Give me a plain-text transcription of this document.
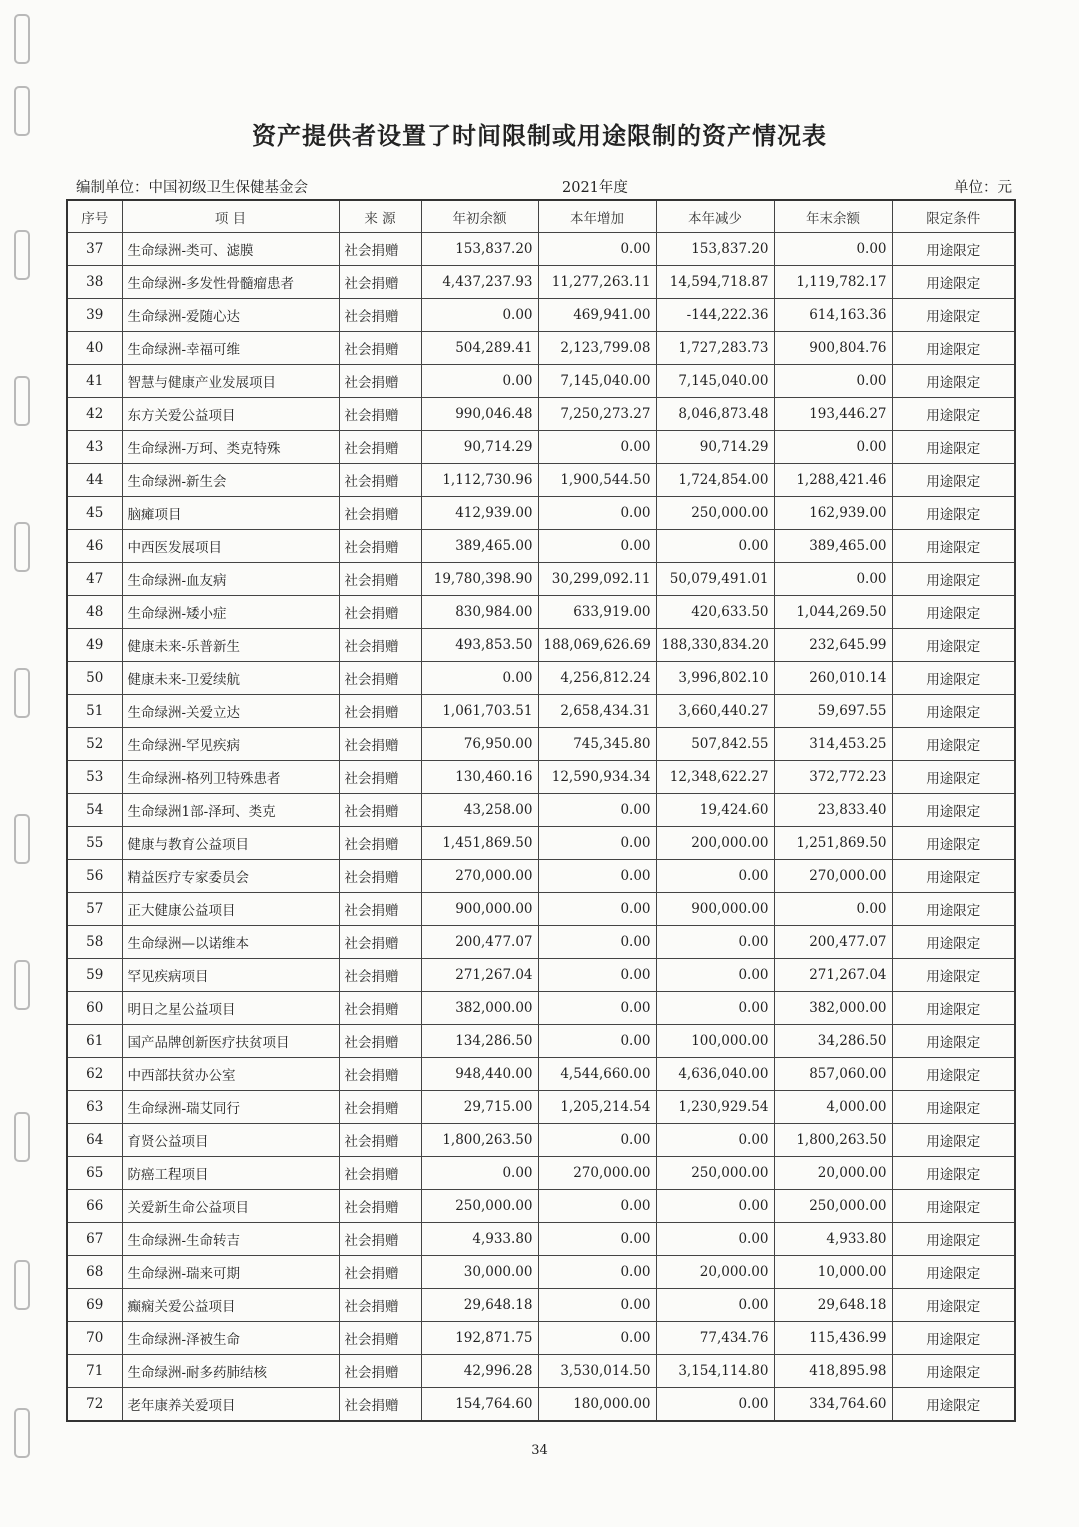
资产提供者设置了时间限制或用途限制的资产情况表
编制单位：中国初级卫生保健基金会	2021年度	单位：元
序号	项 目	来 源	年初余额	本年增加	本年减少	年末余额	限定条件
37	生命绿洲-类可、滤膜	社会捐赠	153,837.20	0.00	153,837.20	0.00	用途限定
38	生命绿洲-多发性骨髓瘤患者	社会捐赠	4,437,237.93	11,277,263.11	14,594,718.87	1,119,782.17	用途限定
39	生命绿洲-爱随心达	社会捐赠	0.00	469,941.00	-144,222.36	614,163.36	用途限定
40	生命绿洲-幸福可维	社会捐赠	504,289.41	2,123,799.08	1,727,283.73	900,804.76	用途限定
41	智慧与健康产业发展项目	社会捐赠	0.00	7,145,040.00	7,145,040.00	0.00	用途限定
42	东方关爱公益项目	社会捐赠	990,046.48	7,250,273.27	8,046,873.48	193,446.27	用途限定
43	生命绿洲-万珂、类克特殊	社会捐赠	90,714.29	0.00	90,714.29	0.00	用途限定
44	生命绿洲-新生会	社会捐赠	1,112,730.96	1,900,544.50	1,724,854.00	1,288,421.46	用途限定
45	脑瘫项目	社会捐赠	412,939.00	0.00	250,000.00	162,939.00	用途限定
46	中西医发展项目	社会捐赠	389,465.00	0.00	0.00	389,465.00	用途限定
47	生命绿洲-血友病	社会捐赠	19,780,398.90	30,299,092.11	50,079,491.01	0.00	用途限定
48	生命绿洲-矮小症	社会捐赠	830,984.00	633,919.00	420,633.50	1,044,269.50	用途限定
49	健康未来-乐普新生	社会捐赠	493,853.50	188,069,626.69	188,330,834.20	232,645.99	用途限定
50	健康未来-卫爱续航	社会捐赠	0.00	4,256,812.24	3,996,802.10	260,010.14	用途限定
51	生命绿洲-关爱立达	社会捐赠	1,061,703.51	2,658,434.31	3,660,440.27	59,697.55	用途限定
52	生命绿洲-罕见疾病	社会捐赠	76,950.00	745,345.80	507,842.55	314,453.25	用途限定
53	生命绿洲-格列卫特殊患者	社会捐赠	130,460.16	12,590,934.34	12,348,622.27	372,772.23	用途限定
54	生命绿洲1部-泽珂、类克	社会捐赠	43,258.00	0.00	19,424.60	23,833.40	用途限定
55	健康与教育公益项目	社会捐赠	1,451,869.50	0.00	200,000.00	1,251,869.50	用途限定
56	精益医疗专家委员会	社会捐赠	270,000.00	0.00	0.00	270,000.00	用途限定
57	正大健康公益项目	社会捐赠	900,000.00	0.00	900,000.00	0.00	用途限定
58	生命绿洲—以诺维本	社会捐赠	200,477.07	0.00	0.00	200,477.07	用途限定
59	罕见疾病项目	社会捐赠	271,267.04	0.00	0.00	271,267.04	用途限定
60	明日之星公益项目	社会捐赠	382,000.00	0.00	0.00	382,000.00	用途限定
61	国产品牌创新医疗扶贫项目	社会捐赠	134,286.50	0.00	100,000.00	34,286.50	用途限定
62	中西部扶贫办公室	社会捐赠	948,440.00	4,544,660.00	4,636,040.00	857,060.00	用途限定
63	生命绿洲-瑞艾同行	社会捐赠	29,715.00	1,205,214.54	1,230,929.54	4,000.00	用途限定
64	育贤公益项目	社会捐赠	1,800,263.50	0.00	0.00	1,800,263.50	用途限定
65	防癌工程项目	社会捐赠	0.00	270,000.00	250,000.00	20,000.00	用途限定
66	关爱新生命公益项目	社会捐赠	250,000.00	0.00	0.00	250,000.00	用途限定
67	生命绿洲-生命转吉	社会捐赠	4,933.80	0.00	0.00	4,933.80	用途限定
68	生命绿洲-瑞来可期	社会捐赠	30,000.00	0.00	20,000.00	10,000.00	用途限定
69	癫痫关爱公益项目	社会捐赠	29,648.18	0.00	0.00	29,648.18	用途限定
70	生命绿洲-泽被生命	社会捐赠	192,871.75	0.00	77,434.76	115,436.99	用途限定
71	生命绿洲-耐多药肺结核	社会捐赠	42,996.28	3,530,014.50	3,154,114.80	418,895.98	用途限定
72	老年康养关爱项目	社会捐赠	154,764.60	180,000.00	0.00	334,764.60	用途限定
34
